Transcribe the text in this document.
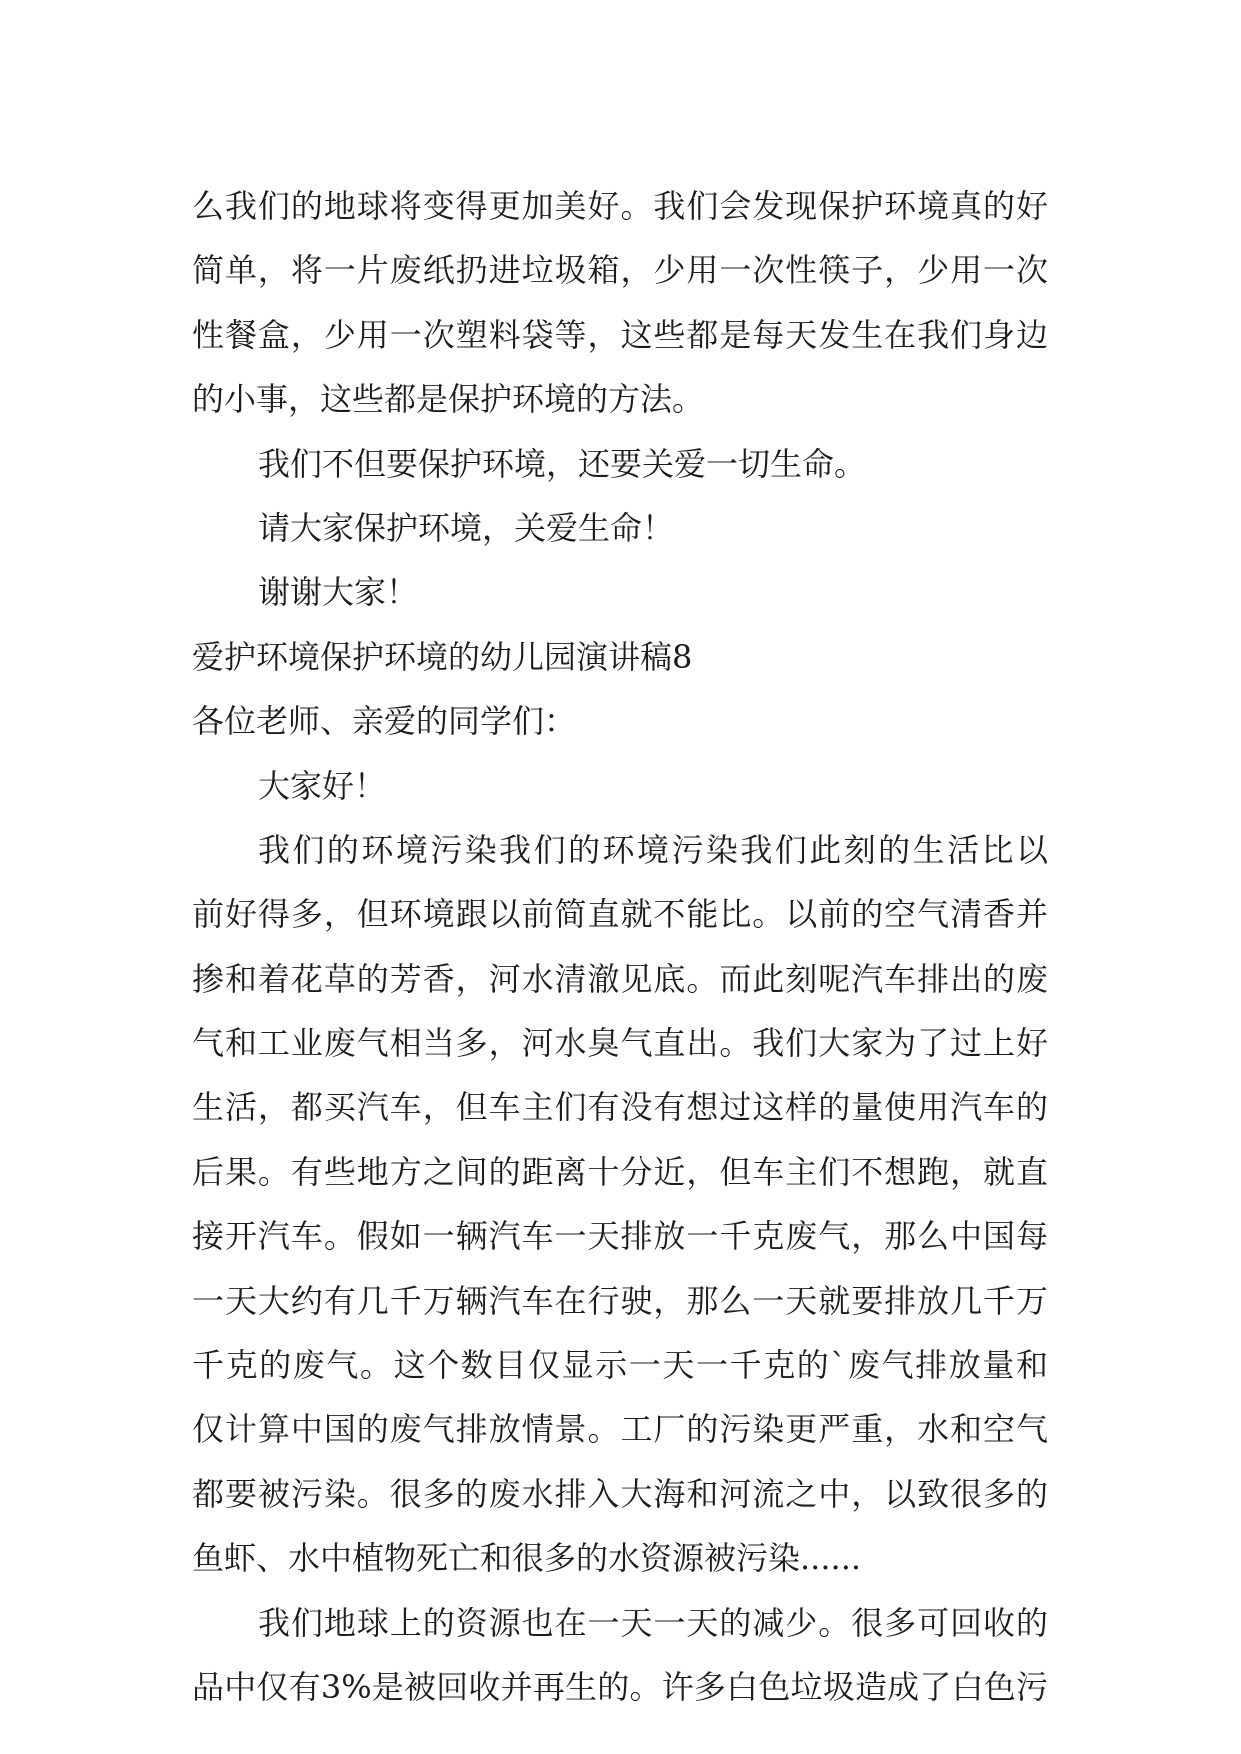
么我们的地球将变得更加美好。我们会发现保护环境真的好
简单，将一片废纸扔进垃圾箱，少用一次性筷子，少用一次
性餐盒，少用一次塑料袋等，这些都是每天发生在我们身边
的小事，这些都是保护环境的方法。
我们不但要保护环境，还要关爱一切生命。
请大家保护环境，关爱生命！
谢谢大家！
爱护环境保护环境的幼儿园演讲稿8
各位老师、亲爱的同学们：
大家好！
我们的环境污染我们的环境污染我们此刻的生活比以
前好得多，但环境跟以前简直就不能比。以前的空气清香并
掺和着花草的芳香，河水清澈见底。而此刻呢汽车排出的废
气和工业废气相当多，河水臭气直出。我们大家为了过上好
生活，都买汽车，但车主们有没有想过这样的量使用汽车的
后果。有些地方之间的距离十分近，但车主们不想跑，就直
接开汽车。假如一辆汽车一天排放一千克废气，那么中国每
一天大约有几千万辆汽车在行驶，那么一天就要排放几千万
千克的废气。这个数目仅显示一天一千克的`废气排放量和
仅计算中国的废气排放情景。工厂的污染更严重，水和空气
都要被污染。很多的废水排入大海和河流之中，以致很多的
鱼虾、水中植物死亡和很多的水资源被污染......
我们地球上的资源也在一天一天的减少。很多可回收的
品中仅有3%是被回收并再生的。许多白色垃圾造成了白色污
